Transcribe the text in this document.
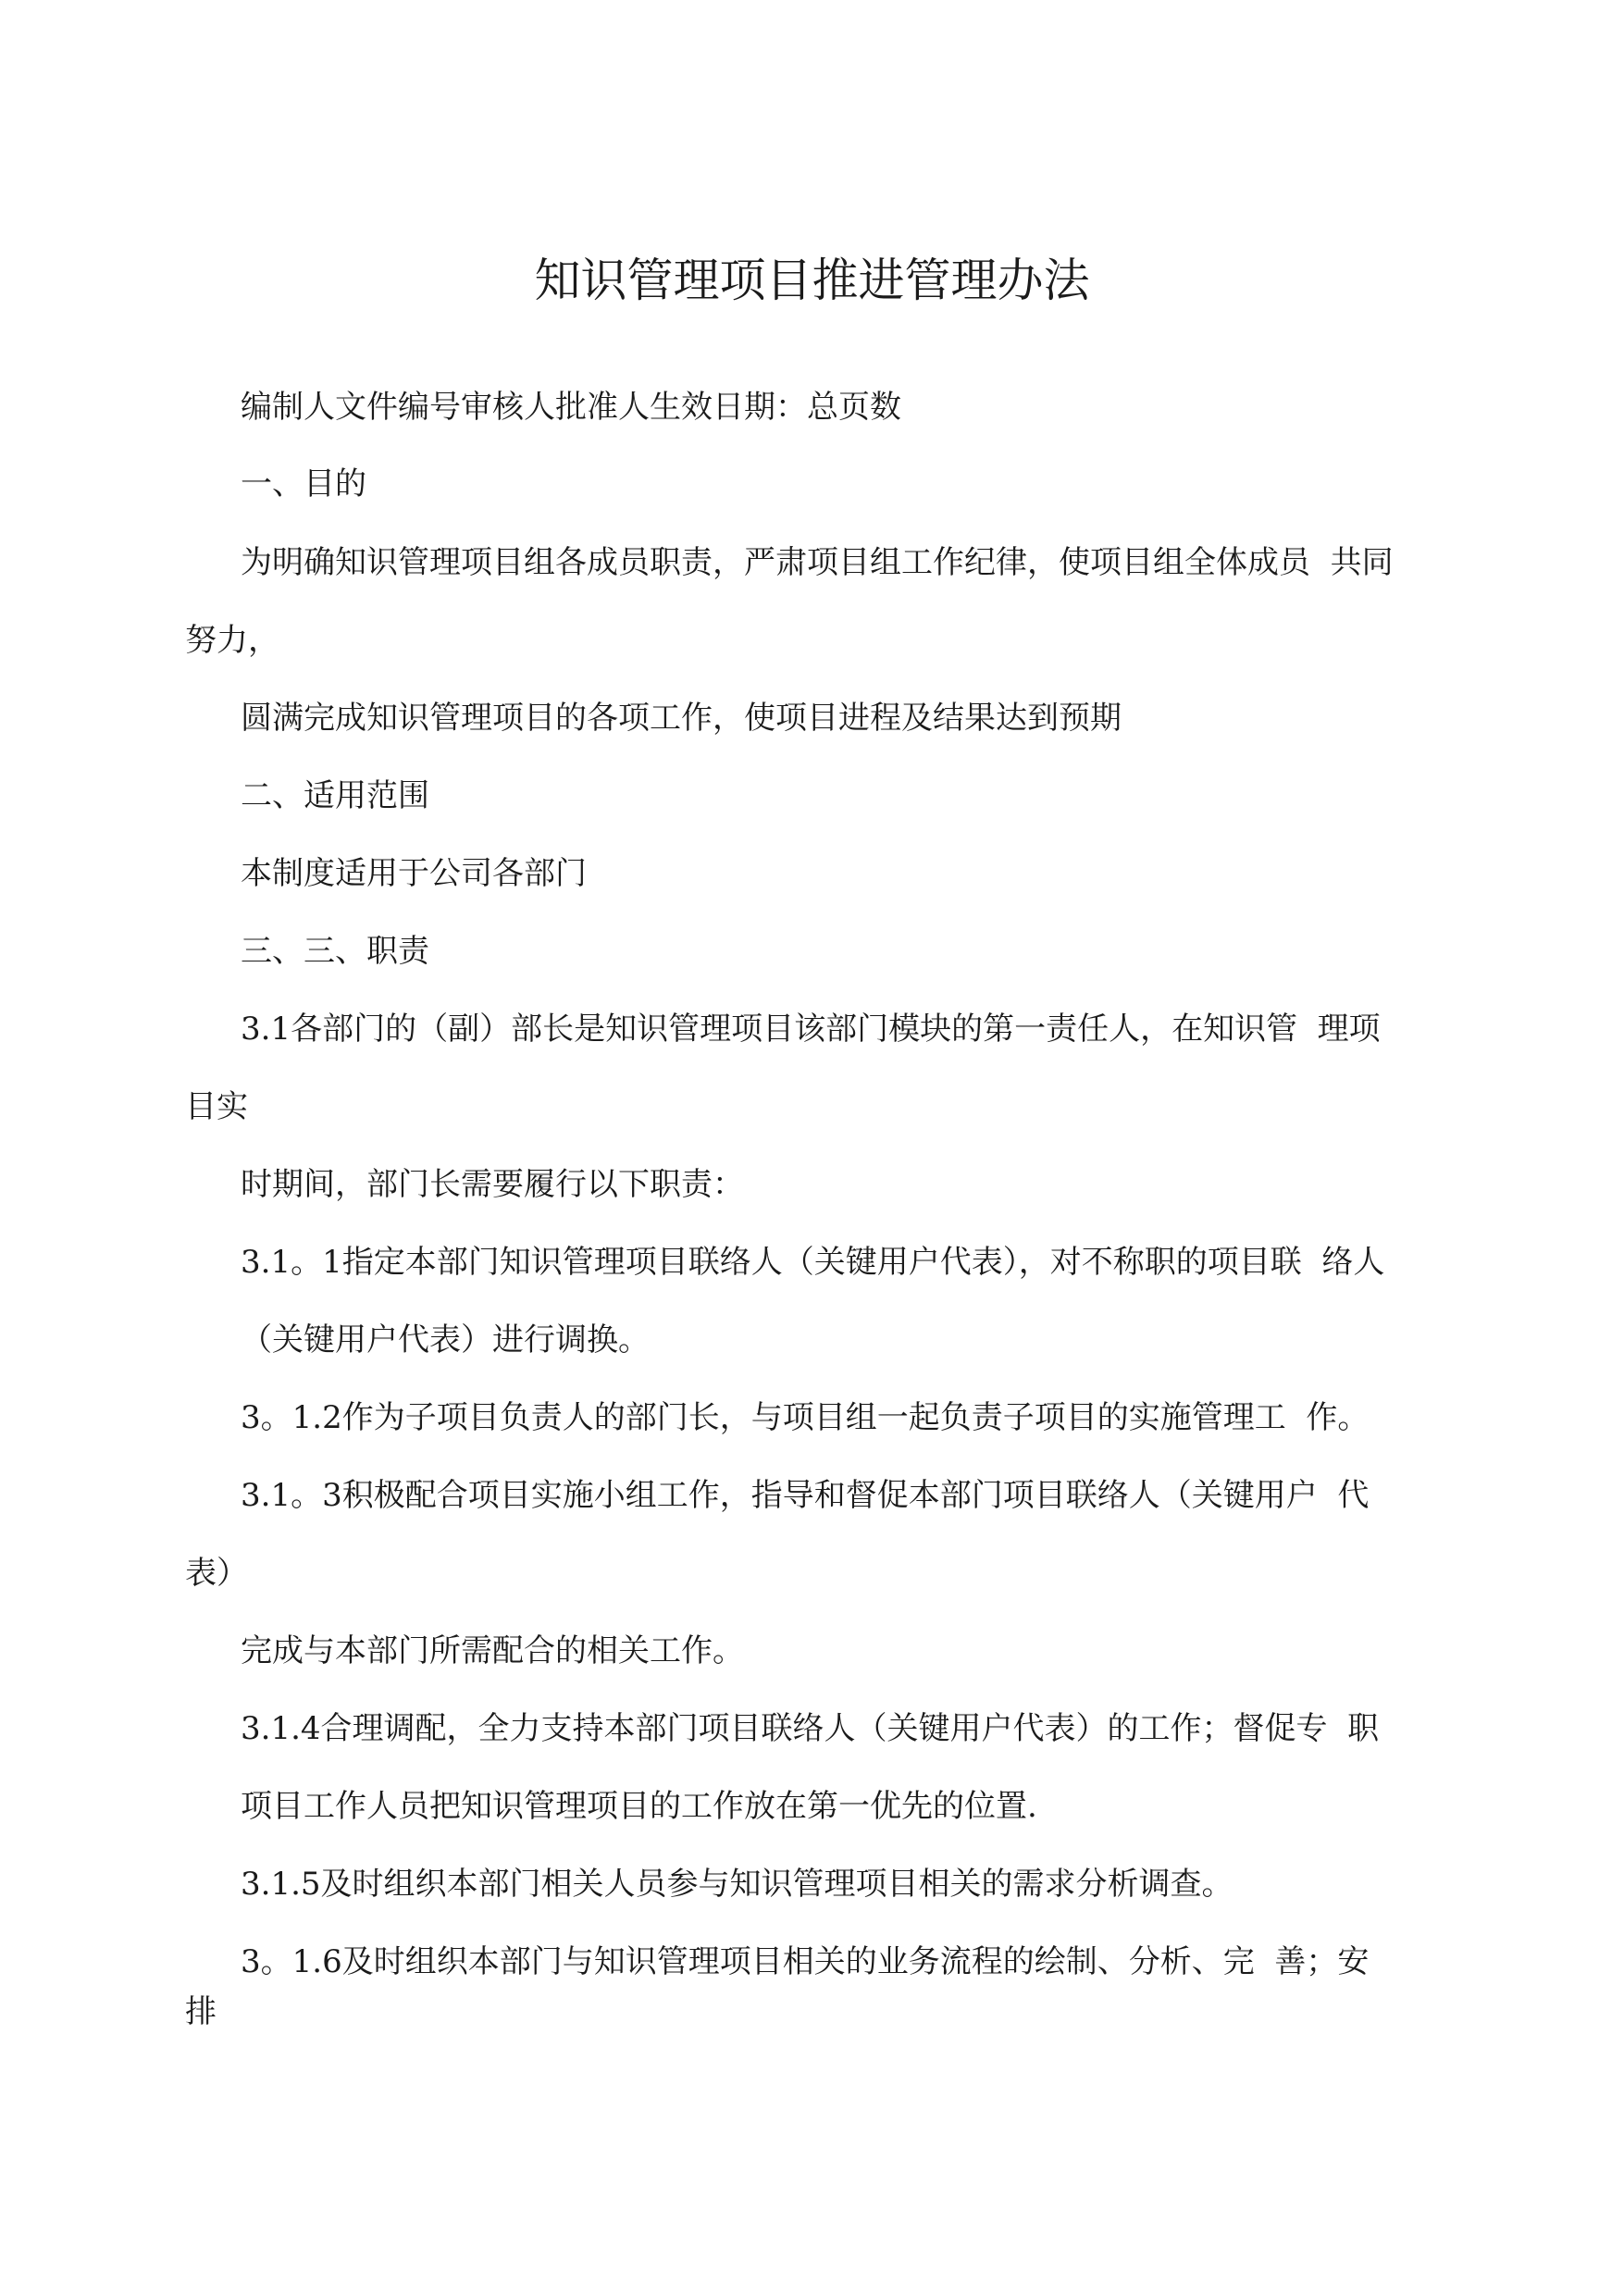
知识管理项目推进管理办法
编制人文件编号审核人批准人生效日期：总页数
一、目的
为明确知识管理项目组各成员职责，严肃项目组工作纪律，使项目组全体成员  共同
努力，
圆满完成知识管理项目的各项工作，使项目进程及结果达到预期
二、适用范围
本制度适用于公司各部门
三、三、职责
3.1各部门的（副）部长是知识管理项目该部门模块的第一责任人，在知识管  理项
目实
时期间，部门长需要履行以下职责：
3.1。1指定本部门知识管理项目联络人（关键用户代表），对不称职的项目联  络人
（关键用户代表）进行调换。
3。1.2作为子项目负责人的部门长，与项目组一起负责子项目的实施管理工  作。
3.1。3积极配合项目实施小组工作，指导和督促本部门项目联络人（关键用户  代
表）
完成与本部门所需配合的相关工作。
3.1.4合理调配，全力支持本部门项目联络人（关键用户代表）的工作；督促专  职
项目工作人员把知识管理项目的工作放在第一优先的位置.
3.1.5及时组织本部门相关人员参与知识管理项目相关的需求分析调查。
3。1.6及时组织本部门与知识管理项目相关的业务流程的绘制、分析、完  善；安
排
